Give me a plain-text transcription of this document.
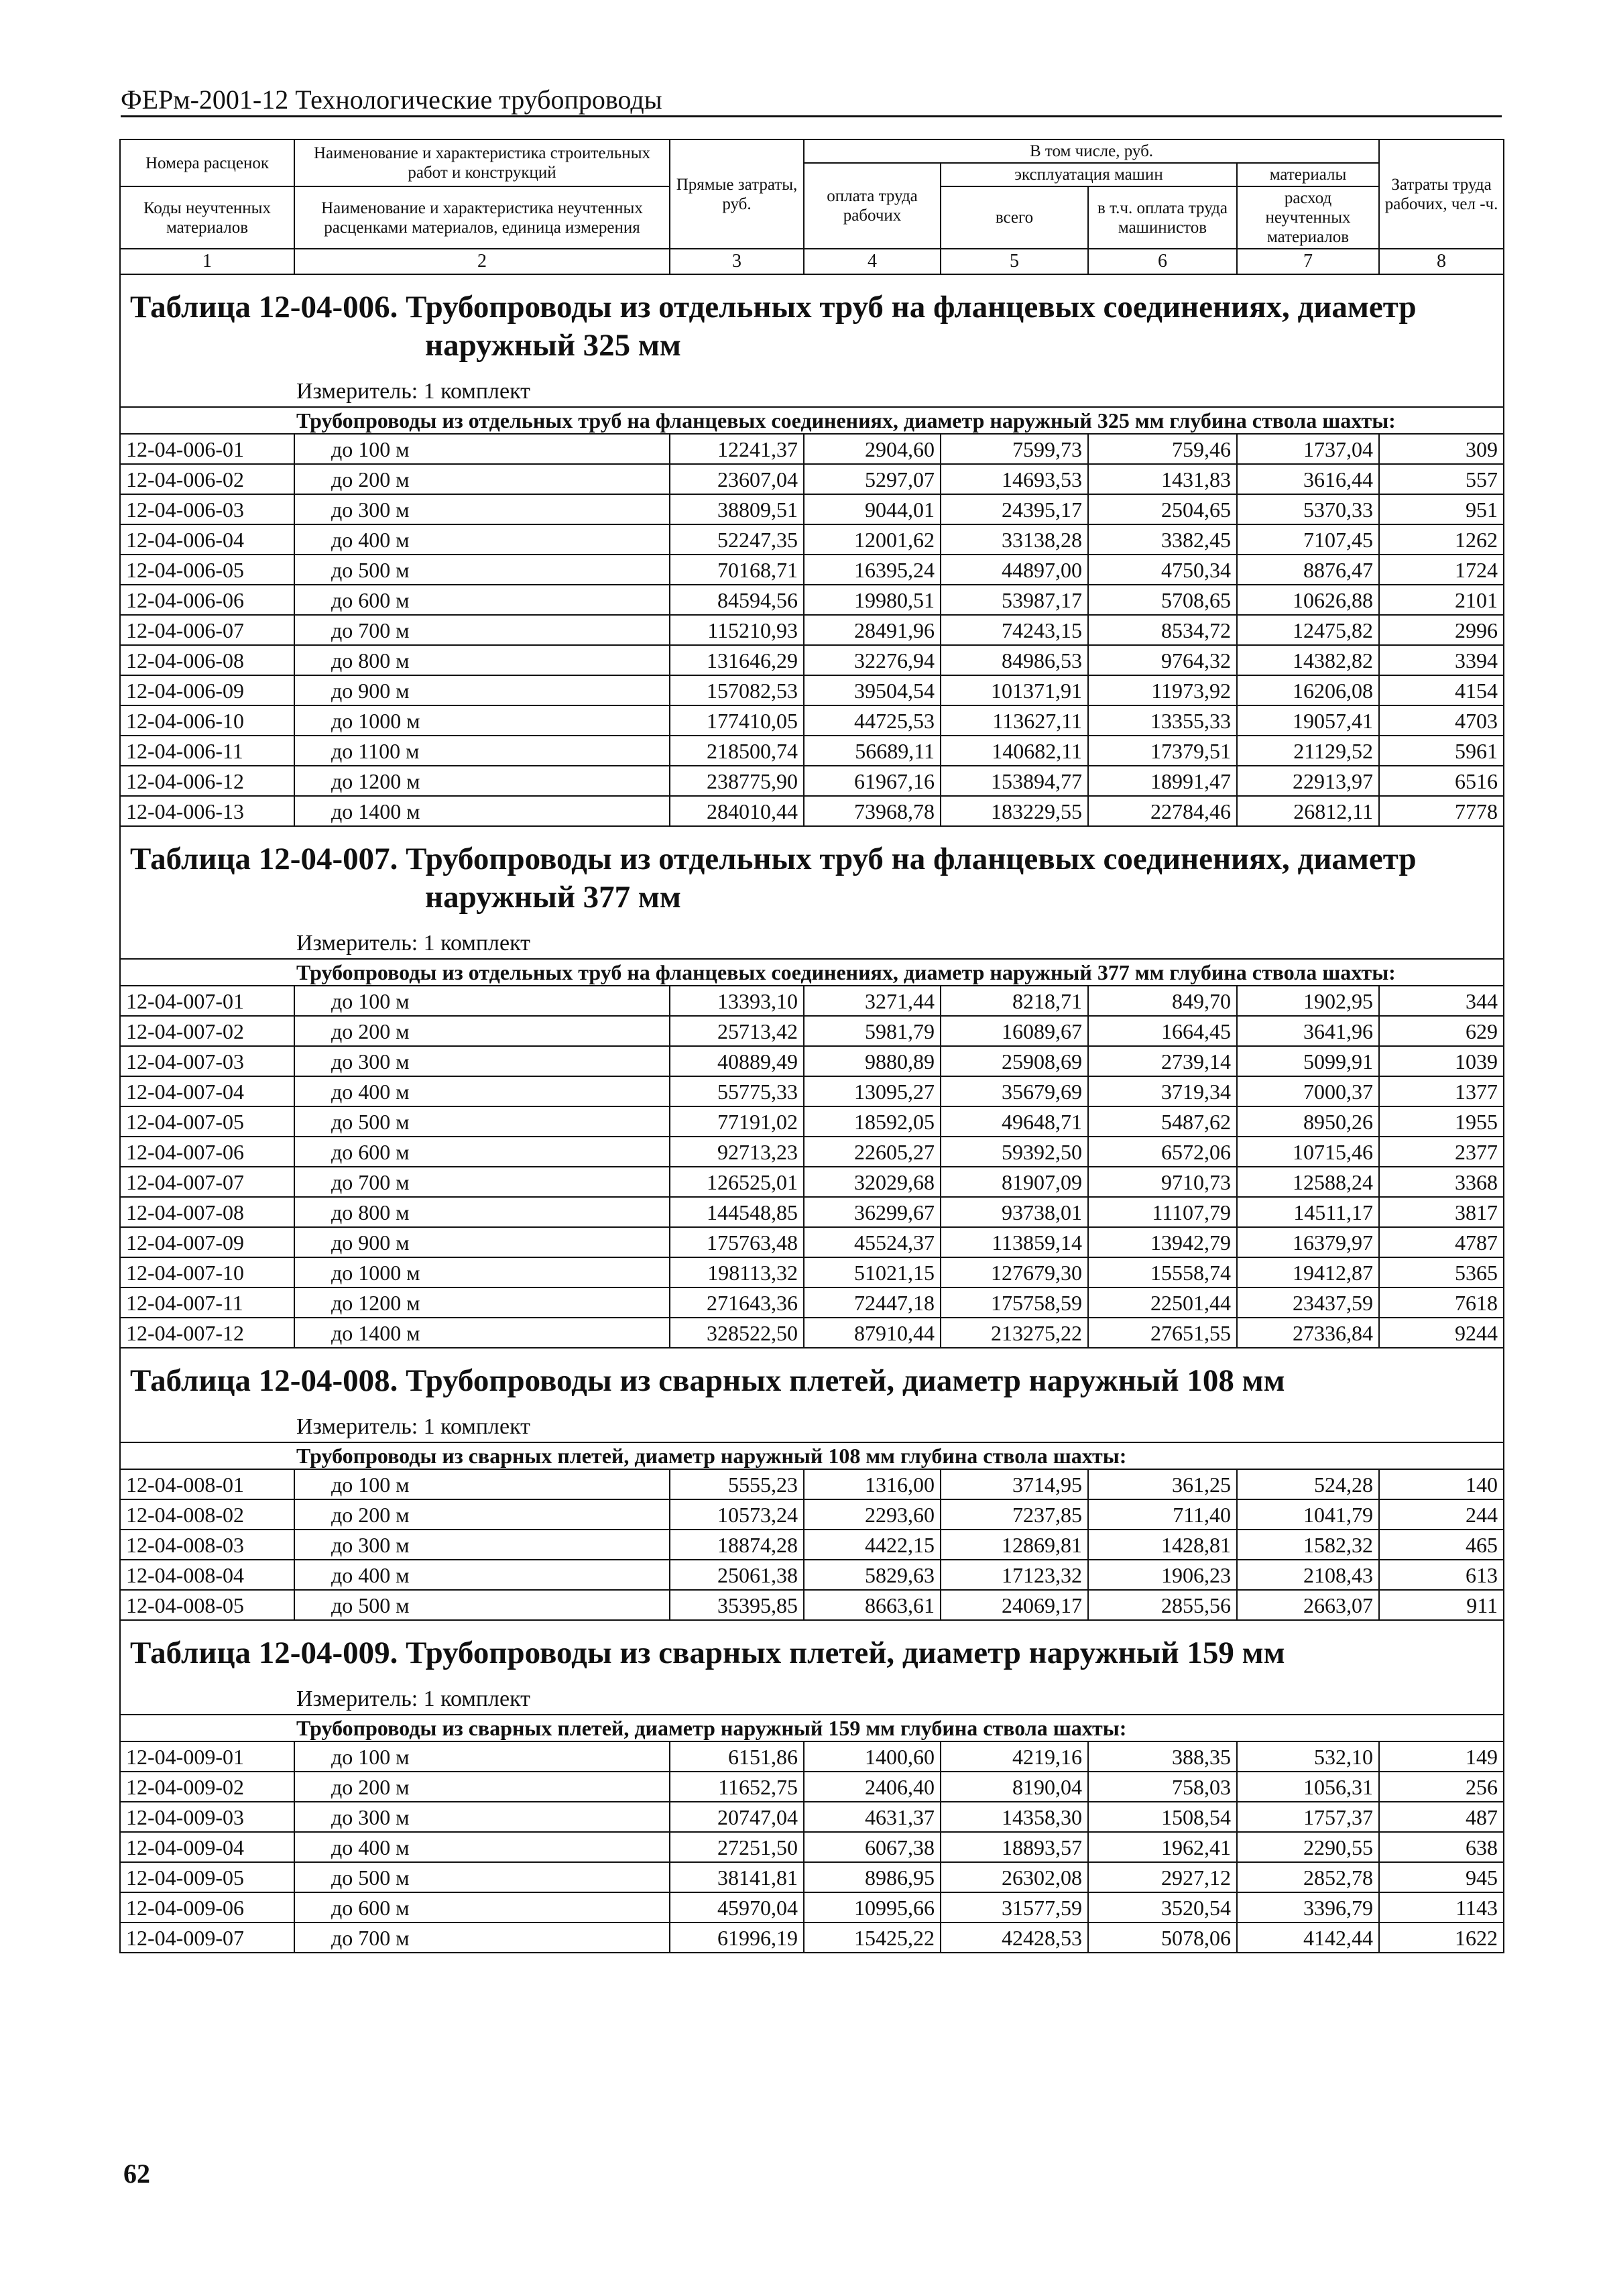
ФЕРм-2001-12 Технологические трубопроводы
Номера расценок	Наименование и характеристика строительных работ и конструкций	Прямые затраты, руб.	В том числе, руб.				Затраты труда рабочих, чел -ч.
			оплата труда рабочих	эксплуатация машин		материалы	
Коды неучтенных материалов	Наименование и характеристика неучтенных расценками материалов, единица измерения			всего	в т.ч. оплата труда машинистов	расход неучтенных материалов	

1	2	3	4	5	6	7	8

Таблица 12-04-006. Трубопроводы из отдельных труб на фланцевых соединениях, диаметр
наружный 325 мм							

Измеритель: 1 комплект							
Трубопроводы из отдельных труб на фланцевых соединениях, диаметр наружный 325 мм глубина ствола шахты:							
12-04-006-01	до 100 м	12241,37	2904,60	7599,73	759,46	1737,04	309
12-04-006-02	до 200 м	23607,04	5297,07	14693,53	1431,83	3616,44	557
12-04-006-03	до 300 м	38809,51	9044,01	24395,17	2504,65	5370,33	951
12-04-006-04	до 400 м	52247,35	12001,62	33138,28	3382,45	7107,45	1262
12-04-006-05	до 500 м	70168,71	16395,24	44897,00	4750,34	8876,47	1724
12-04-006-06	до 600 м	84594,56	19980,51	53987,17	5708,65	10626,88	2101
12-04-006-07	до 700 м	115210,93	28491,96	74243,15	8534,72	12475,82	2996
12-04-006-08	до 800 м	131646,29	32276,94	84986,53	9764,32	14382,82	3394
12-04-006-09	до 900 м	157082,53	39504,54	101371,91	11973,92	16206,08	4154
12-04-006-10	до 1000 м	177410,05	44725,53	113627,11	13355,33	19057,41	4703
12-04-006-11	до 1100 м	218500,74	56689,11	140682,11	17379,51	21129,52	5961
12-04-006-12	до 1200 м	238775,90	61967,16	153894,77	18991,47	22913,97	6516
12-04-006-13	до 1400 м	284010,44	73968,78	183229,55	22784,46	26812,11	7778

Таблица 12-04-007. Трубопроводы из отдельных труб на фланцевых соединениях, диаметр
наружный 377 мм							

Измеритель: 1 комплект							
Трубопроводы из отдельных труб на фланцевых соединениях, диаметр наружный 377 мм глубина ствола шахты:							
12-04-007-01	до 100 м	13393,10	3271,44	8218,71	849,70	1902,95	344
12-04-007-02	до 200 м	25713,42	5981,79	16089,67	1664,45	3641,96	629
12-04-007-03	до 300 м	40889,49	9880,89	25908,69	2739,14	5099,91	1039
12-04-007-04	до 400 м	55775,33	13095,27	35679,69	3719,34	7000,37	1377
12-04-007-05	до 500 м	77191,02	18592,05	49648,71	5487,62	8950,26	1955
12-04-007-06	до 600 м	92713,23	22605,27	59392,50	6572,06	10715,46	2377
12-04-007-07	до 700 м	126525,01	32029,68	81907,09	9710,73	12588,24	3368
12-04-007-08	до 800 м	144548,85	36299,67	93738,01	11107,79	14511,17	3817
12-04-007-09	до 900 м	175763,48	45524,37	113859,14	13942,79	16379,97	4787
12-04-007-10	до 1000 м	198113,32	51021,15	127679,30	15558,74	19412,87	5365
12-04-007-11	до 1200 м	271643,36	72447,18	175758,59	22501,44	23437,59	7618
12-04-007-12	до 1400 м	328522,50	87910,44	213275,22	27651,55	27336,84	9244

Таблица 12-04-008. Трубопроводы из сварных плетей, диаметр наружный 108 мм							
Измеритель: 1 комплект							
Трубопроводы из сварных плетей, диаметр наружный 108 мм глубина ствола шахты:							
12-04-008-01	до 100 м	5555,23	1316,00	3714,95	361,25	524,28	140
12-04-008-02	до 200 м	10573,24	2293,60	7237,85	711,40	1041,79	244
12-04-008-03	до 300 м	18874,28	4422,15	12869,81	1428,81	1582,32	465
12-04-008-04	до 400 м	25061,38	5829,63	17123,32	1906,23	2108,43	613
12-04-008-05	до 500 м	35395,85	8663,61	24069,17	2855,56	2663,07	911

Таблица 12-04-009. Трубопроводы из сварных плетей, диаметр наружный 159 мм							
Измеритель: 1 комплект							
Трубопроводы из сварных плетей, диаметр наружный 159 мм глубина ствола шахты:							
12-04-009-01	до 100 м	6151,86	1400,60	4219,16	388,35	532,10	149
12-04-009-02	до 200 м	11652,75	2406,40	8190,04	758,03	1056,31	256
12-04-009-03	до 300 м	20747,04	4631,37	14358,30	1508,54	1757,37	487
12-04-009-04	до 400 м	27251,50	6067,38	18893,57	1962,41	2290,55	638
12-04-009-05	до 500 м	38141,81	8986,95	26302,08	2927,12	2852,78	945
12-04-009-06	до 600 м	45970,04	10995,66	31577,59	3520,54	3396,79	1143
12-04-009-07	до 700 м	61996,19	15425,22	42428,53	5078,06	4142,44	1622
62
